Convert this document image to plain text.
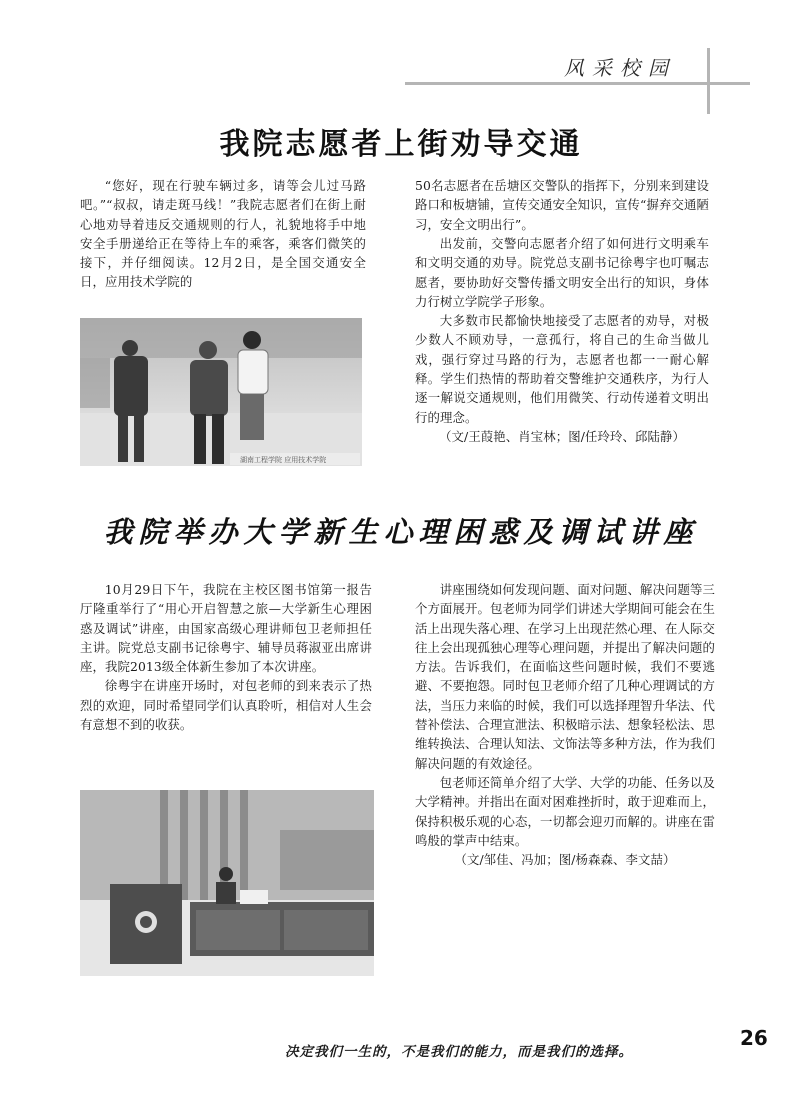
风采校园
我院志愿者上街劝导交通

“您好，现在行驶车辆过多，请等会儿过马路吧。”“叔叔，请走斑马线！”我院志愿者们在街上耐心地劝导着违反交通规则的行人，礼貌地将手中地安全手册递给正在等待上车的乘客，乘客们微笑的接下，并仔细阅读。12月2日，是全国交通安全日，应用技术学院的

湖南工程学院 应用技术学院

50名志愿者在岳塘区交警队的指挥下，分别来到建设路口和板塘铺，宣传交通安全知识，宣传“摒弃交通陋习，安全文明出行”。

出发前，交警向志愿者介绍了如何进行文明乘车和文明交通的劝导。院党总支副书记徐粤宇也叮嘱志愿者，要协助好交警传播文明安全出行的知识，身体力行树立学院学子形象。

大多数市民都愉快地接受了志愿者的劝导，对极少数人不顾劝导，一意孤行，将自己的生命当做儿戏，强行穿过马路的行为，志愿者也都一一耐心解释。学生们热情的帮助着交警维护交通秩序，为行人逐一解说交通规则，他们用微笑、行动传递着文明出行的理念。

（文/王葭艳、肖宝林；图/任玲玲、邱陆静）

我院举办大学新生心理困惑及调试讲座

10月29日下午，我院在主校区图书馆第一报告厅隆重举行了“用心开启智慧之旅—大学新生心理困惑及调试”讲座，由国家高级心理讲师包卫老师担任主讲。院党总支副书记徐粤宇、辅导员蒋淑亚出席讲座，我院2013级全体新生参加了本次讲座。

徐粤宇在讲座开场时，对包老师的到来表示了热烈的欢迎，同时希望同学们认真聆听，相信对人生会有意想不到的收获。

讲座围绕如何发现问题、面对问题、解决问题等三个方面展开。包老师为同学们讲述大学期间可能会在生活上出现失落心理、在学习上出现茫然心理、在人际交往上会出现孤独心理等心理问题，并提出了解决问题的方法。告诉我们，在面临这些问题时候，我们不要逃避、不要抱怨。同时包卫老师介绍了几种心理调试的方法，当压力来临的时候，我们可以选择理智升华法、代替补偿法、合理宣泄法、积极暗示法、想象轻松法、思维转换法、合理认知法、文饰法等多种方法，作为我们解决问题的有效途径。

包老师还简单介绍了大学、大学的功能、任务以及大学精神。并指出在面对困难挫折时，敢于迎难而上，保持积极乐观的心态，一切都会迎刃而解的。讲座在雷鸣般的掌声中结束。

（文/邹佳、冯加；图/杨森森、李文喆）

决定我们一生的，不是我们的能力，而是我们的选择。
26
